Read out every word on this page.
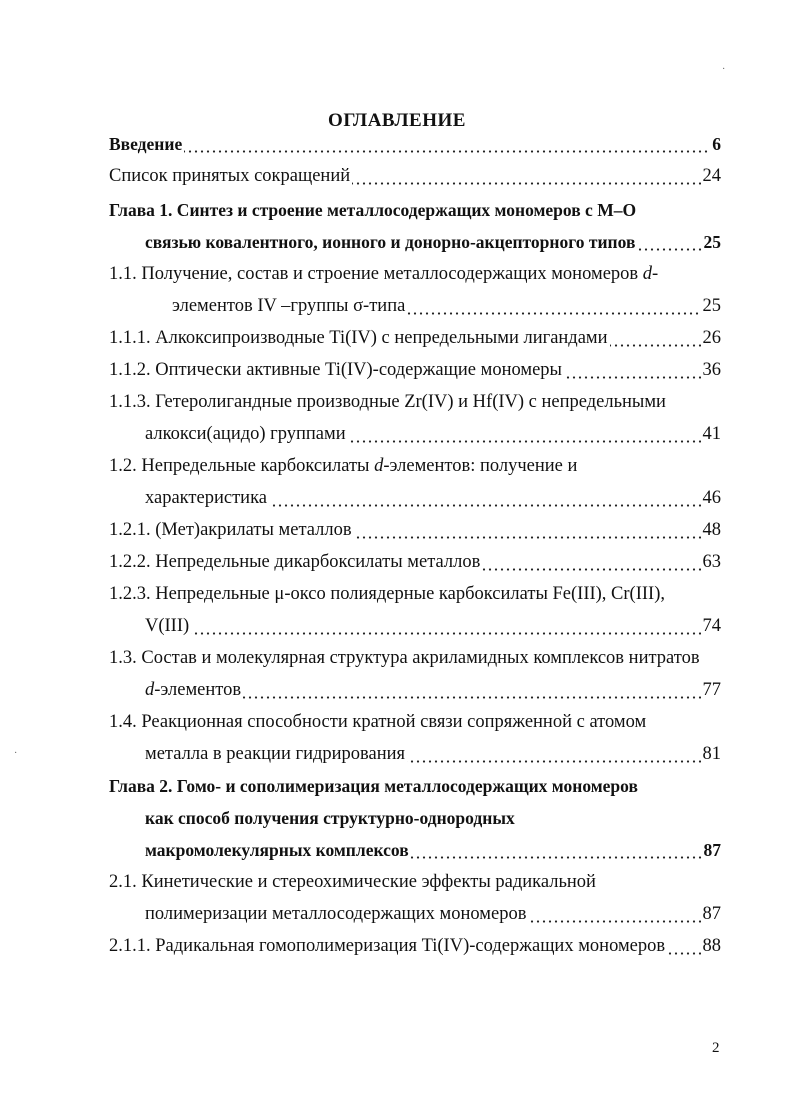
ОГЛАВЛЕНИЕ
Введение	6
Список принятых сокращений	24
Глава 1. Синтез и строение металлосодержащих мономеров с М–О
связью ковалентного, ионного и донорно-акцепторного типов	25
1.1. Получение, состав и строение металлосодержащих мономеров d-
элементов IV –группы σ-типа	25
1.1.1. Алкоксипроизводные Ti(IV) с непредельными лигандами	26
1.1.2. Оптически активные Ti(IV)-содержащие мономеры	36
1.1.3. Гетеролигандные производные Zr(IV) и Hf(IV) с непредельными
алкокси(ацидо) группами	41
1.2. Непредельные карбоксилаты d-элементов: получение и
характеристика	46
1.2.1. (Мет)акрилаты металлов	48
1.2.2. Непредельные дикарбоксилаты металлов	63
1.2.3. Непредельные μ-оксо полиядерные карбоксилаты Fe(III), Cr(III),
V(III)	74
1.3. Состав и молекулярная структура акриламидных комплексов нитратов
d-элементов	77
1.4. Реакционная способности кратной связи сопряженной с атомом
металла в реакции гидрирования	81
Глава 2. Гомо- и сополимеризация металлосодержащих мономеров
как способ получения структурно-однородных
макромолекулярных комплексов	87
2.1. Кинетические и стереохимические эффекты радикальной
полимеризации металлосодержащих мономеров	87
2.1.1. Радикальная гомополимеризация Ti(IV)-содержащих мономеров 88
2
·
·
